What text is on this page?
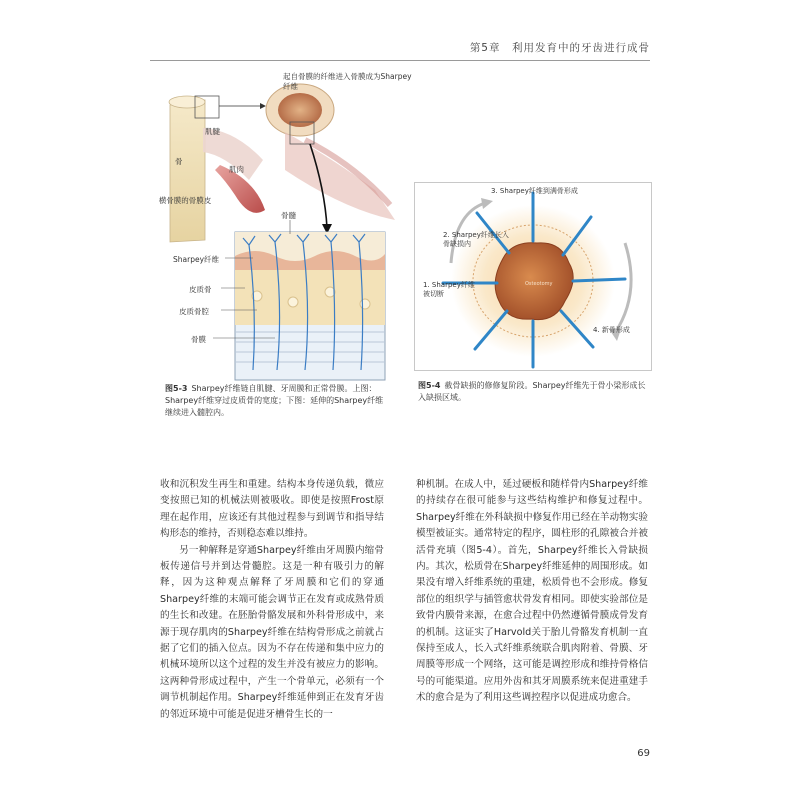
第5章　利用发育中的牙齿进行成骨
起自骨膜的纤维进入骨膜成为Sharpey纤维
肌腱
骨
肌肉
横骨膜的骨膜皮
骨髓
Sharpey纤维
皮质骨
皮质骨腔
骨膜
图5-3 Sharpey纤维链自肌腱、牙周膜和正常骨膜。上图：Sharpey纤维穿过皮质骨的宽度；下图：延伸的Sharpey纤维继续进入髓腔内。
Osteotomy
3. Sharpey纤维到满骨形成
2. Sharpey纤维长入骨缺损内
1. Sharpey纤维被切断
4. 新骨形成
图5-4 截骨缺损的修修复阶段。Sharpey纤维先于骨小梁形成长入缺损区域。

收和沉积发生再生和重建。结构本身传递负载，微应变按照已知的机械法则被吸收。即使是按照Frost原理在起作用，应该还有其他过程参与到调节和指导结构形态的维持，否则稳态难以维持。

另一种解释是穿通Sharpey纤维由牙周膜内缩骨板传递信号并到达骨髓腔。这是一种有吸引力的解释，因为这种观点解释了牙周膜和它们的穿通Sharpey纤维的末端可能会调节正在发育或成熟骨质的生长和改建。在胚胎骨骼发展和外科骨形成中，来源于现存肌肉的Sharpey纤维在结构骨形成之前就占据了它们的插入位点。因为不存在传递和集中应力的机械环境所以这个过程的发生并没有被应力的影响。这两种骨形成过程中，产生一个骨单元，必须有一个调节机制起作用。Sharpey纤维延伸到正在发育牙齿的邻近环境中可能是促进牙槽骨生长的一

种机制。在成人中，延过硬板和随样骨内Sharpey纤维的持续存在很可能参与这些结构维护和修复过程中。Sharpey纤维在外科缺损中修复作用已经在羊动物实验模型被证实。通常特定的程序，圆柱形的孔隙被合并被活骨充填（图5-4）。首先，Sharpey纤维长入骨缺损内。其次，松质骨在Sharpey纤维延伸的周围形成。如果没有增入纤维系统的重建，松质骨也不会形成。修复部位的组织学与插管愈状骨发育相同。即使实验部位是致骨内膜骨来源，在愈合过程中仍然遵循骨膜成骨发育的机制。这证实了Harvold关于胎儿骨骼发育机制一直保持至成人，长入式纤维系统联合肌肉附着、骨膜、牙周膜等形成一个网络，这可能是调控形成和维持骨格信号的可能渠道。应用外齿和其牙周膜系统来促进重建手术的愈合是为了利用这些调控程序以促进成功愈合。

69
